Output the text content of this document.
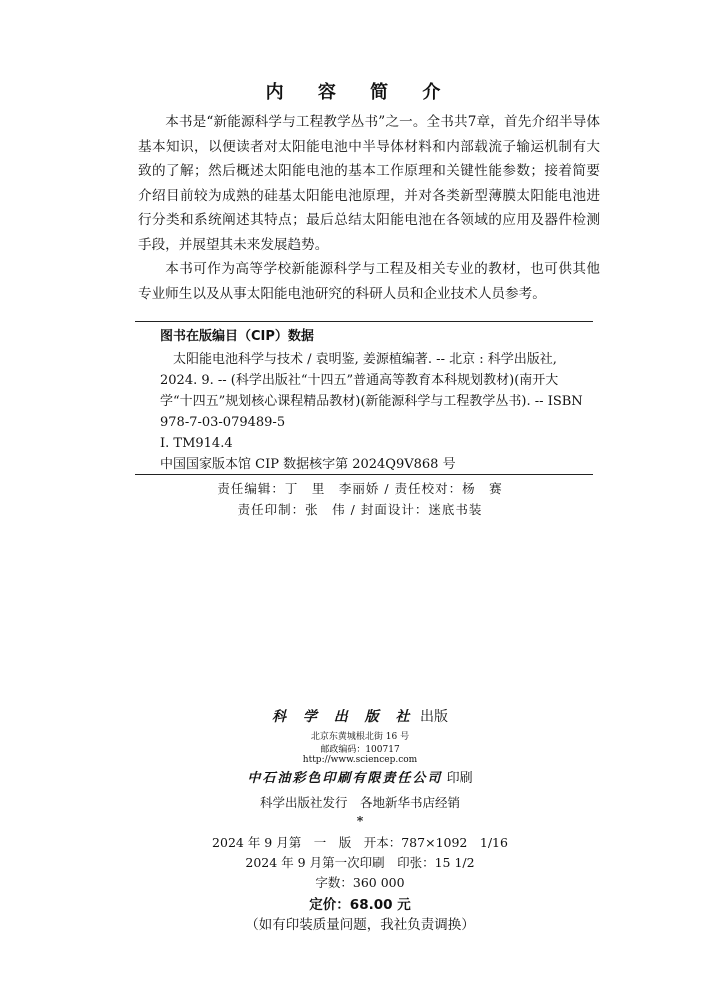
内 容 简 介

本书是“新能源科学与工程教学丛书”之一。全书共7章，首先介绍半导体基本知识，以便读者对太阳能电池中半导体材料和内部载流子输运机制有大致的了解；然后概述太阳能电池的基本工作原理和关键性能参数；接着简要介绍目前较为成熟的硅基太阳能电池原理，并对各类新型薄膜太阳能电池进行分类和系统阐述其特点；最后总结太阳能电池在各领域的应用及器件检测手段，并展望其未来发展趋势。

本书可作为高等学校新能源科学与工程及相关专业的教材，也可供其他专业师生以及从事太阳能电池研究的科研人员和企业技术人员参考。

图书在版编目（CIP）数据

太阳能电池科学与技术 / 袁明鉴, 姜源植编著. -- 北京 : 科学出版社, 2024. 9. -- (科学出版社“十四五”普通高等教育本科规划教材)(南开大学“十四五”规划核心课程精品教材)(新能源科学与工程教学丛书). -- ISBN 978-7-03-079489-5

Ⅰ. TM914.4

中国国家版本馆 CIP 数据核字第 2024Q9V868 号

责任编辑：丁　里　李丽娇 / 责任校对：杨　赛
责任印制：张　伟 / 封面设计：迷底书装
科 学 出 版 社 出版
北京东黄城根北街 16 号
邮政编码：100717
http://www.sciencep.com
中石油彩色印刷有限责任公司 印刷
科学出版社发行　各地新华书店经销
*
2024 年 9 月第　一　版　开本：787×1092　1/16
2024 年 9 月第一次印刷　印张：15 1/2
字数：360 000
定价：68.00 元
（如有印装质量问题，我社负责调换）
